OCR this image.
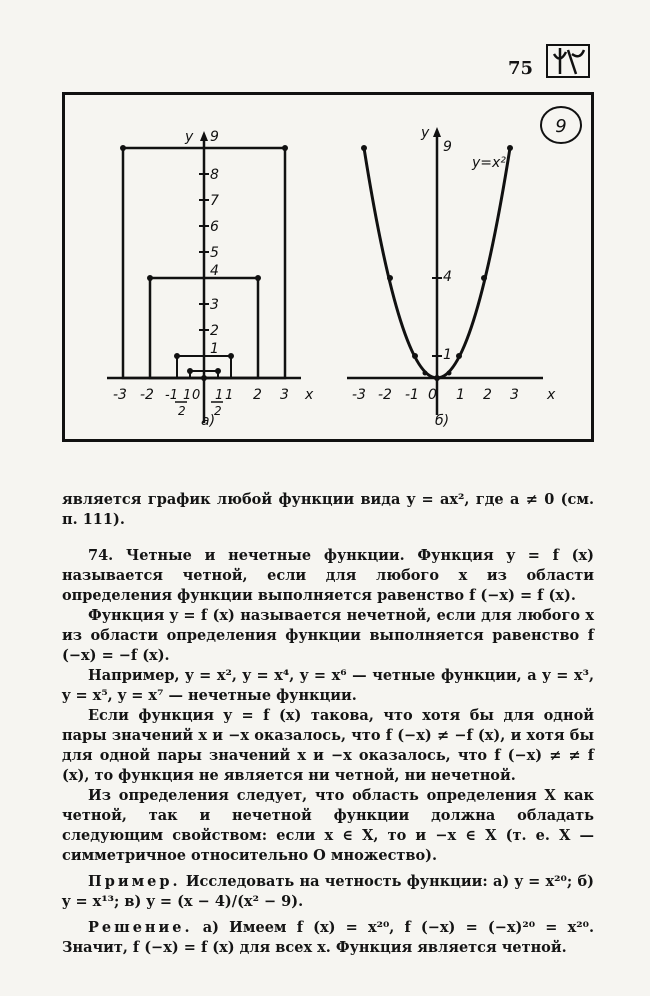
75
9
1
2
3
4
5
6
7
8
y 9
x
-3 -2	2 3
-1 1 0 1 1
2 2
а)
1
4
y
9
y=x²
x
-3 -2 -1 0 1 2 3
б)

является график любой функции вида y = ax², где a ≠ 0 (см. п. 111).

74. Четные и нечетные функции. Функция y = f (x) называется четной, если для любого x из области определения функции выполняется равенство f (−x) = f (x).

Функция y = f (x) называется нечетной, если для любого x из области определения функции выполняется равенство f (−x) = −f (x).

Например, y = x², y = x⁴, y = x⁶ — четные функции, а y = x³, y = x⁵, y = x⁷ — нечетные функции.

Если функция y = f (x) такова, что хотя бы для одной пары значений x и −x оказалось, что f (−x) ≠ −f (x), и хотя бы для одной пары значений x и −x оказалось, что f (−x) ≠ ≠ f (x), то функция не является ни четной, ни нечетной.

Из определения следует, что область определения X как четной, так и нечетной функции должна обладать следующим свойством: если x ∈ X, то и −x ∈ X (т. е. X — симметричное относительно O множество).

Пример. Исследовать на четность функции: а) y = x²⁰; б) y = x¹³; в) y = (x − 4)/(x² − 9).

Решение. а) Имеем f (x) = x²⁰, f (−x) = (−x)²⁰ = x²⁰. Значит, f (−x) = f (x) для всех x. Функция является четной.
